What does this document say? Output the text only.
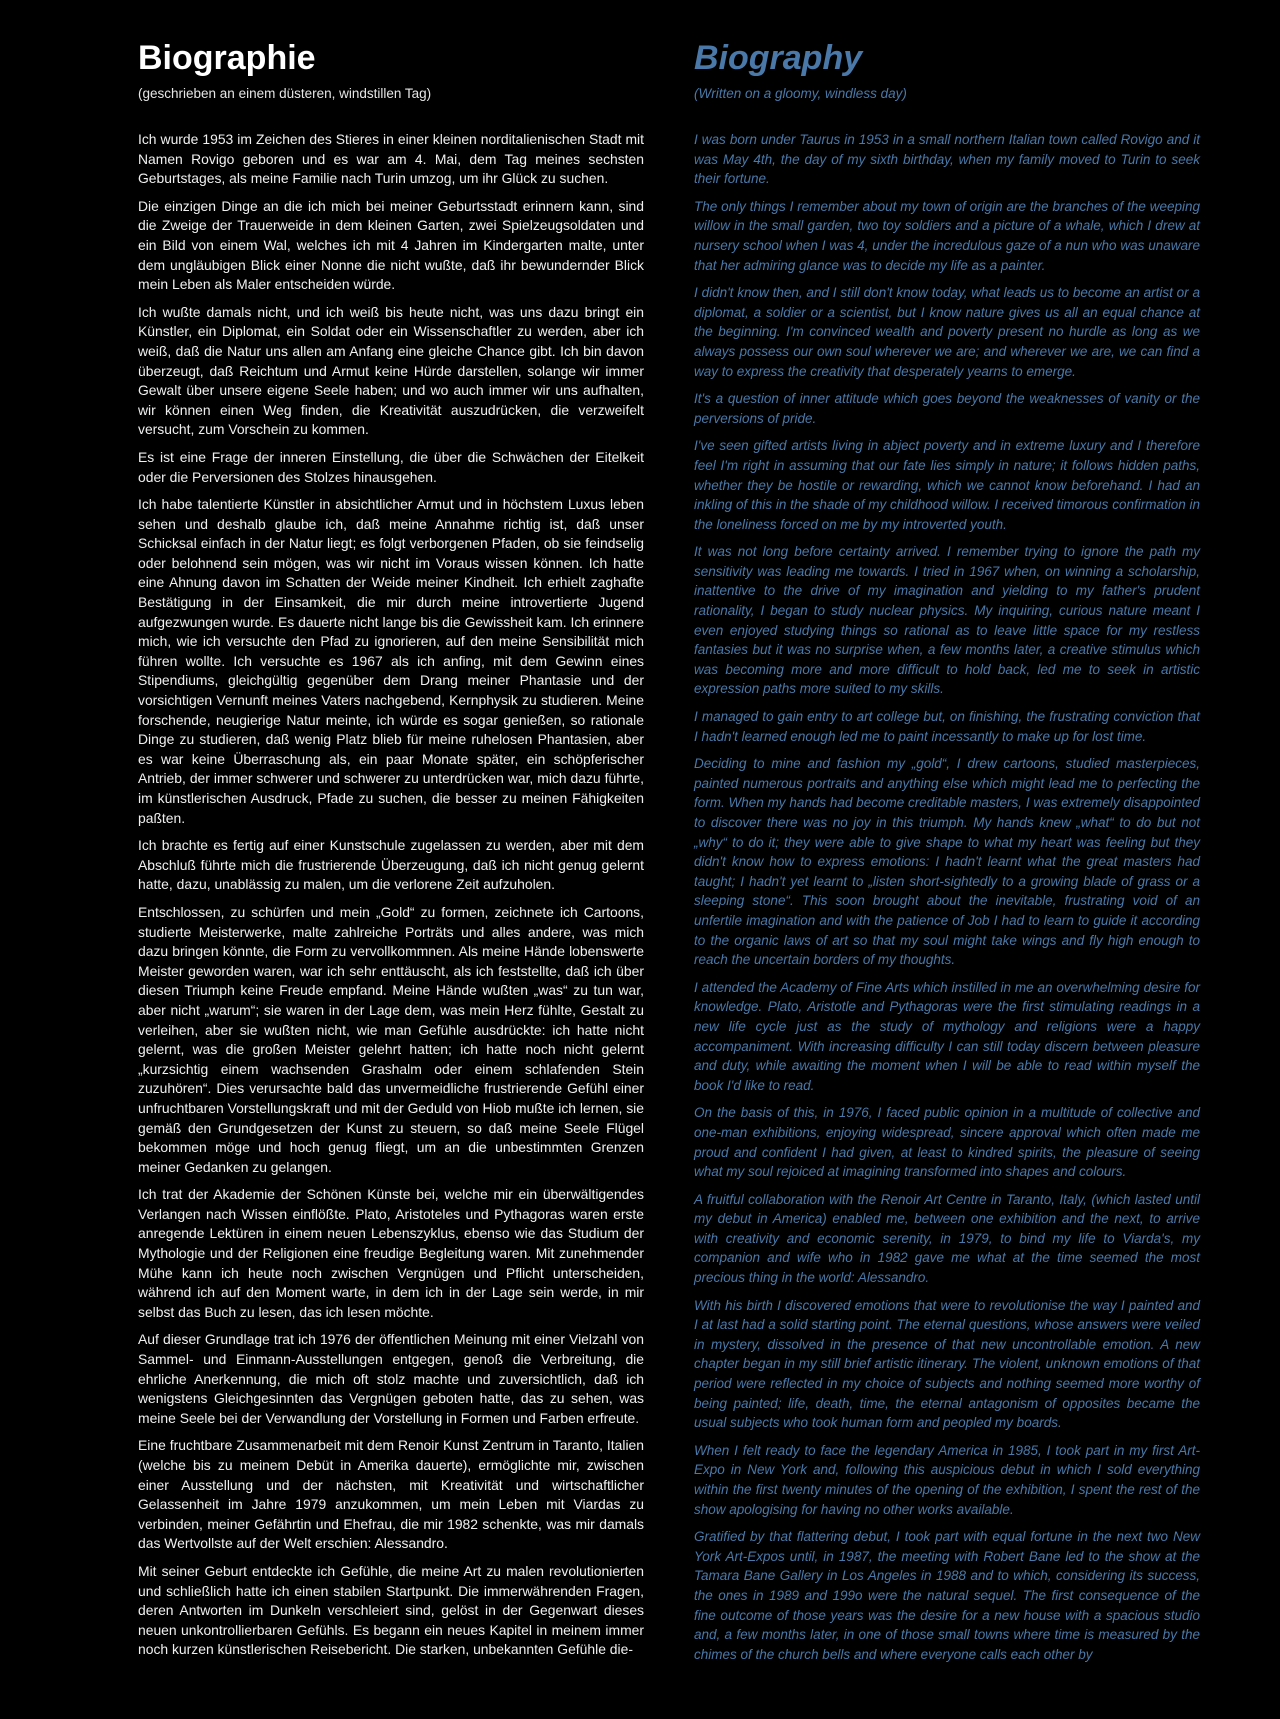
Biographie
(geschrieben an einem düsteren, windstillen Tag)

Ich wurde 1953 im Zeichen des Stieres in einer kleinen norditalienischen Stadt mit Namen Rovigo geboren und es war am 4. Mai, dem Tag meines sechsten Geburtstages, als meine Familie nach Turin umzog, um ihr Glück zu suchen.

Die einzigen Dinge an die ich mich bei meiner Geburtsstadt erinnern kann, sind die Zweige der Trauerweide in dem kleinen Garten, zwei Spielzeugsoldaten und ein Bild von einem Wal, welches ich mit 4 Jahren im Kindergarten malte, unter dem ungläubigen Blick einer Nonne die nicht wußte, daß ihr bewundernder Blick mein Leben als Maler entscheiden würde.

Ich wußte damals nicht, und ich weiß bis heute nicht, was uns dazu bringt ein Künstler, ein Diplomat, ein Soldat oder ein Wissenschaftler zu werden, aber ich weiß, daß die Natur uns allen am Anfang eine gleiche Chance gibt. Ich bin davon überzeugt, daß Reichtum und Armut keine Hürde darstellen, solange wir immer Gewalt über unsere eigene Seele haben; und wo auch immer wir uns aufhalten, wir können einen Weg finden, die Kreativität auszudrücken, die verzweifelt versucht, zum Vorschein zu kommen.

Es ist eine Frage der inneren Einstellung, die über die Schwächen der Eitelkeit oder die Perversionen des Stolzes hinausgehen.

Ich habe talentierte Künstler in absichtlicher Armut und in höchstem Luxus leben sehen und deshalb glaube ich, daß meine Annahme richtig ist, daß unser Schicksal einfach in der Natur liegt; es folgt verborgenen Pfaden, ob sie feindselig oder belohnend sein mögen, was wir nicht im Voraus wissen können. Ich hatte eine Ahnung davon im Schatten der Weide meiner Kindheit. Ich erhielt zaghafte Bestätigung in der Einsamkeit, die mir durch meine introvertierte Jugend aufgezwungen wurde. Es dauerte nicht lange bis die Gewissheit kam. Ich erinnere mich, wie ich versuchte den Pfad zu ignorieren, auf den meine Sensibilität mich führen wollte. Ich versuchte es 1967 als ich anfing, mit dem Gewinn eines Stipendiums, gleichgültig gegenüber dem Drang meiner Phantasie und der vorsichtigen Vernunft meines Vaters nachgebend, Kernphysik zu studieren. Meine forschende, neugierige Natur meinte, ich würde es sogar genießen, so rationale Dinge zu studieren, daß wenig Platz blieb für meine ruhelosen Phantasien, aber es war keine Überraschung als, ein paar Monate später, ein schöpferischer Antrieb, der immer schwerer und schwerer zu unterdrücken war, mich dazu führte, im künstlerischen Ausdruck, Pfade zu suchen, die besser zu meinen Fähigkeiten paßten.

Ich brachte es fertig auf einer Kunstschule zugelassen zu werden, aber mit dem Abschluß führte mich die frustrierende Überzeugung, daß ich nicht genug gelernt hatte, dazu, unablässig zu malen, um die verlorene Zeit aufzuholen.

Entschlossen, zu schürfen und mein „Gold“ zu formen, zeichnete ich Cartoons, studierte Meisterwerke, malte zahlreiche Porträts und alles andere, was mich dazu bringen könnte, die Form zu vervollkommnen. Als meine Hände lobenswerte Meister geworden waren, war ich sehr enttäuscht, als ich feststellte, daß ich über diesen Triumph keine Freude empfand. Meine Hände wußten „was“ zu tun war, aber nicht „warum“; sie waren in der Lage dem, was mein Herz fühlte, Gestalt zu verleihen, aber sie wußten nicht, wie man Gefühle ausdrückte: ich hatte nicht gelernt, was die großen Meister gelehrt hatten; ich hatte noch nicht gelernt „kurzsichtig einem wachsenden Grashalm oder einem schlafenden Stein zuzuhören“. Dies verursachte bald das unvermeidliche frustrierende Gefühl einer unfruchtbaren Vorstellungskraft und mit der Geduld von Hiob mußte ich lernen, sie gemäß den Grundgesetzen der Kunst zu steuern, so daß meine Seele Flügel bekommen möge und hoch genug fliegt, um an die unbestimmten Grenzen meiner Gedanken zu gelangen.

Ich trat der Akademie der Schönen Künste bei, welche mir ein überwältigendes Verlangen nach Wissen einflößte. Plato, Aristoteles und Pythagoras waren erste anregende Lektüren in einem neuen Lebenszyklus, ebenso wie das Studium der Mythologie und der Religionen eine freudige Begleitung waren. Mit zunehmender Mühe kann ich heute noch zwischen Vergnügen und Pflicht unterscheiden, während ich auf den Moment warte, in dem ich in der Lage sein werde, in mir selbst das Buch zu lesen, das ich lesen möchte.

Auf dieser Grundlage trat ich 1976 der öffentlichen Meinung mit einer Vielzahl von Sammel- und Einmann-Ausstellungen entgegen, genoß die Verbreitung, die ehrliche Anerkennung, die mich oft stolz machte und zuversichtlich, daß ich wenigstens Gleichgesinnten das Vergnügen geboten hatte, das zu sehen, was meine Seele bei der Verwandlung der Vorstellung in Formen und Farben erfreute.

Eine fruchtbare Zusammenarbeit mit dem Renoir Kunst Zentrum in Taranto, Italien (welche bis zu meinem Debüt in Amerika dauerte), ermöglichte mir, zwischen einer Ausstellung und der nächsten, mit Kreativität und wirtschaftlicher Gelassenheit im Jahre 1979 anzukommen, um mein Leben mit Viardas zu verbinden, meiner Gefährtin und Ehefrau, die mir 1982 schenkte, was mir damals das Wertvollste auf der Welt erschien: Alessandro.

Mit seiner Geburt entdeckte ich Gefühle, die meine Art zu malen revolutionierten und schließlich hatte ich einen stabilen Startpunkt. Die immerwährenden Fragen, deren Antworten im Dunkeln verschleiert sind, gelöst in der Gegenwart dieses neuen unkontrollierbaren Gefühls. Es begann ein neues Kapitel in meinem immer noch kurzen künstlerischen Reisebericht. Die starken, unbekannten Gefühle die-

Biography
(Written on a gloomy, windless day)

I was born under Taurus in 1953 in a small northern Italian town called Rovigo and it was May 4th, the day of my sixth birthday, when my family moved to Turin to seek their fortune.

The only things I remember about my town of origin are the branches of the weeping willow in the small garden, two toy soldiers and a picture of a whale, which I drew at nursery school when I was 4, under the incredulous gaze of a nun who was unaware that her admiring glance was to decide my life as a painter.

I didn't know then, and I still don't know today, what leads us to become an artist or a diplomat, a soldier or a scientist, but I know nature gives us all an equal chance at the beginning. I'm convinced wealth and poverty present no hurdle as long as we always possess our own soul wherever we are; and wherever we are, we can find a way to express the creativity that desperately yearns to emerge.

It's a question of inner attitude which goes beyond the weaknesses of vanity or the perversions of pride.

I've seen gifted artists living in abject poverty and in extreme luxury and I therefore feel I'm right in assuming that our fate lies simply in nature; it follows hidden paths, whether they be hostile or rewarding, which we cannot know beforehand. I had an inkling of this in the shade of my childhood willow. I received timorous confirmation in the loneliness forced on me by my introverted youth.

It was not long before certainty arrived. I remember trying to ignore the path my sensitivity was leading me towards. I tried in 1967 when, on winning a scholarship, inattentive to the drive of my imagination and yielding to my father's prudent rationality, I began to study nuclear physics. My inquiring, curious nature meant I even enjoyed studying things so rational as to leave little space for my restless fantasies but it was no surprise when, a few months later, a creative stimulus which was becoming more and more difficult to hold back, led me to seek in artistic expression paths more suited to my skills.

I managed to gain entry to art college but, on finishing, the frustrating conviction that I hadn't learned enough led me to paint incessantly to make up for lost time.

Deciding to mine and fashion my „gold“, I drew cartoons, studied masterpieces, painted numerous portraits and anything else which might lead me to perfecting the form. When my hands had become creditable masters, I was extremely disappointed to discover there was no joy in this triumph. My hands knew „what“ to do but not „why“ to do it; they were able to give shape to what my heart was feeling but they didn't know how to express emotions: I hadn't learnt what the great masters had taught; I hadn't yet learnt to „listen short-sightedly to a growing blade of grass or a sleeping stone“. This soon brought about the inevitable, frustrating void of an unfertile imagination and with the patience of Job I had to learn to guide it according to the organic laws of art so that my soul might take wings and fly high enough to reach the uncertain borders of my thoughts.

I attended the Academy of Fine Arts which instilled in me an overwhelming desire for knowledge. Plato, Aristotle and Pythagoras were the first stimulating readings in a new life cycle just as the study of mythology and religions were a happy accompaniment. With increasing difficulty I can still today discern between pleasure and duty, while awaiting the moment when I will be able to read within myself the book I'd like to read.

On the basis of this, in 1976, I faced public opinion in a multitude of collective and one-man exhibitions, enjoying widespread, sincere approval which often made me proud and confident I had given, at least to kindred spirits, the pleasure of seeing what my soul rejoiced at imagining transformed into shapes and colours.

A fruitful collaboration with the Renoir Art Centre in Taranto, Italy, (which lasted until my debut in America) enabled me, between one exhibition and the next, to arrive with creativity and economic serenity, in 1979, to bind my life to Viarda's, my companion and wife who in 1982 gave me what at the time seemed the most precious thing in the world: Alessandro.

With his birth I discovered emotions that were to revolutionise the way I painted and I at last had a solid starting point. The eternal questions, whose answers were veiled in mystery, dissolved in the presence of that new uncontrollable emotion. A new chapter began in my still brief artistic itinerary. The violent, unknown emotions of that period were reflected in my choice of subjects and nothing seemed more worthy of being painted; life, death, time, the eternal antagonism of opposites became the usual subjects who took human form and peopled my boards.

When I felt ready to face the legendary America in 1985, I took part in my first Art-Expo in New York and, following this auspicious debut in which I sold everything within the first twenty minutes of the opening of the exhibition, I spent the rest of the show apologising for having no other works available.

Gratified by that flattering debut, I took part with equal fortune in the next two New York Art-Expos until, in 1987, the meeting with Robert Bane led to the show at the Tamara Bane Gallery in Los Angeles in 1988 and to which, considering its success, the ones in 1989 and 199o were the natural sequel. The first consequence of the fine outcome of those years was the desire for a new house with a spacious studio and, a few months later, in one of those small towns where time is measured by the chimes of the church bells and where everyone calls each other by
